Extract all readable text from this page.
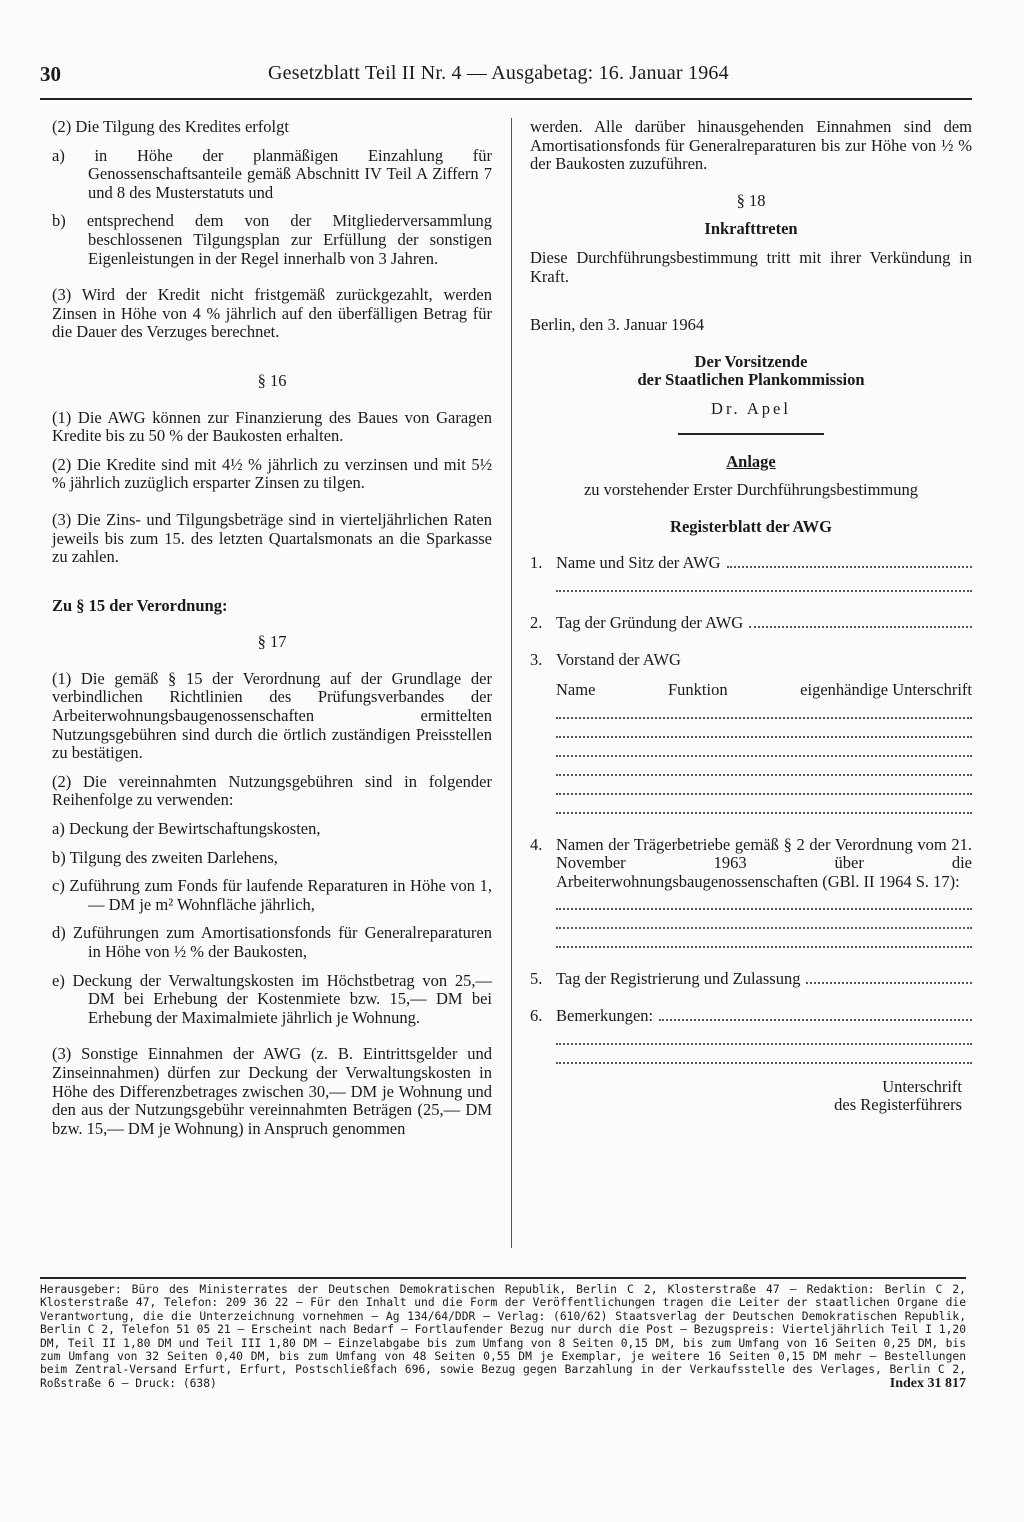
30	Gesetzblatt Teil II Nr. 4 — Ausgabetag: 16. Januar 1964

(2) Die Tilgung des Kredites erfolgt

a) in Höhe der planmäßigen Einzahlung für Genossenschaftsanteile gemäß Abschnitt IV Teil A Ziffern 7 und 8 des Musterstatuts und

b) entsprechend dem von der Mitgliederversammlung beschlossenen Tilgungsplan zur Erfüllung der sonstigen Eigenleistungen in der Regel innerhalb von 3 Jahren.

(3) Wird der Kredit nicht fristgemäß zurückgezahlt, werden Zinsen in Höhe von 4 % jährlich auf den überfälligen Betrag für die Dauer des Verzuges berechnet.

§ 16

(1) Die AWG können zur Finanzierung des Baues von Garagen Kredite bis zu 50 % der Baukosten erhalten.

(2) Die Kredite sind mit 4½ % jährlich zu verzinsen und mit 5½ % jährlich zuzüglich ersparter Zinsen zu tilgen.

(3) Die Zins- und Tilgungsbeträge sind in vierteljährlichen Raten jeweils bis zum 15. des letzten Quartalsmonats an die Sparkasse zu zahlen.

Zu § 15 der Verordnung:

§ 17

(1) Die gemäß § 15 der Verordnung auf der Grundlage der verbindlichen Richtlinien des Prüfungsverbandes der Arbeiterwohnungsbaugenossenschaften ermittelten Nutzungsgebühren sind durch die örtlich zuständigen Preisstellen zu bestätigen.

(2) Die vereinnahmten Nutzungsgebühren sind in folgender Reihenfolge zu verwenden:

a) Deckung der Bewirtschaftungskosten,

b) Tilgung des zweiten Darlehens,

c) Zuführung zum Fonds für laufende Reparaturen in Höhe von 1,— DM je m² Wohnfläche jährlich,

d) Zuführungen zum Amortisationsfonds für Generalreparaturen in Höhe von ½ % der Baukosten,

e) Deckung der Verwaltungskosten im Höchstbetrag von 25,— DM bei Erhebung der Kostenmiete bzw. 15,— DM bei Erhebung der Maximalmiete jährlich je Wohnung.

(3) Sonstige Einnahmen der AWG (z. B. Eintrittsgelder und Zinseinnahmen) dürfen zur Deckung der Verwaltungskosten in Höhe des Differenzbetrages zwischen 30,— DM je Wohnung und den aus der Nutzungsgebühr vereinnahmten Beträgen (25,— DM bzw. 15,— DM je Wohnung) in Anspruch genommen

werden. Alle darüber hinausgehenden Einnahmen sind dem Amortisationsfonds für Generalreparaturen bis zur Höhe von ½ % der Baukosten zuzuführen.

§ 18

Inkrafttreten

Diese Durchführungsbestimmung tritt mit ihrer Verkündung in Kraft.

Berlin, den 3. Januar 1964

Der Vorsitzende

der Staatlichen Plankommission

Dr. Apel

Anlage

zu vorstehender Erster Durchführungsbestimmung

Registerblatt der AWG

1. Name und Sitz der AWG
2. Tag der Gründung der AWG
3. Vorstand der AWG
Name	Funktion	eigenhändige Unterschrift
4. Namen der Trägerbetriebe gemäß § 2 der Verordnung vom 21. November 1963 über die Arbeiterwohnungsbaugenossenschaften (GBl. II 1964 S. 17):
5. Tag der Registrierung und Zulassung
6. Bemerkungen:
Unterschrift
des Registerführers
Herausgeber: Büro des Ministerrates der Deutschen Demokratischen Republik, Berlin C 2, Klosterstraße 47 — Redaktion: Berlin C 2, Klosterstraße 47, Telefon: 209 36 22 — Für den Inhalt und die Form der Veröffentlichungen tragen die Leiter der staatlichen Organe die Verantwortung, die die Unterzeichnung vornehmen — Ag 134/64/DDR — Verlag: (610/62) Staatsverlag der Deutschen Demokratischen Republik, Berlin C 2, Telefon 51 05 21 — Erscheint nach Bedarf — Fortlaufender Bezug nur durch die Post — Bezugspreis: Vierteljährlich Teil I 1,20 DM, Teil II 1,80 DM und Teil III 1,80 DM — Einzelabgabe bis zum Umfang von 8 Seiten 0,15 DM, bis zum Umfang von 16 Seiten 0,25 DM, bis zum Umfang von 32 Seiten 0,40 DM, bis zum Umfang von 48 Seiten 0,55 DM je Exemplar, je weitere 16 Seiten 0,15 DM mehr — Bestellungen beim Zentral-Versand Erfurt, Erfurt, Postschließfach 696, sowie Bezug gegen Barzahlung in der Verkaufsstelle des Verlages, Berlin C 2, Roßstraße 6 — Druck: (638)	Index 31 817
